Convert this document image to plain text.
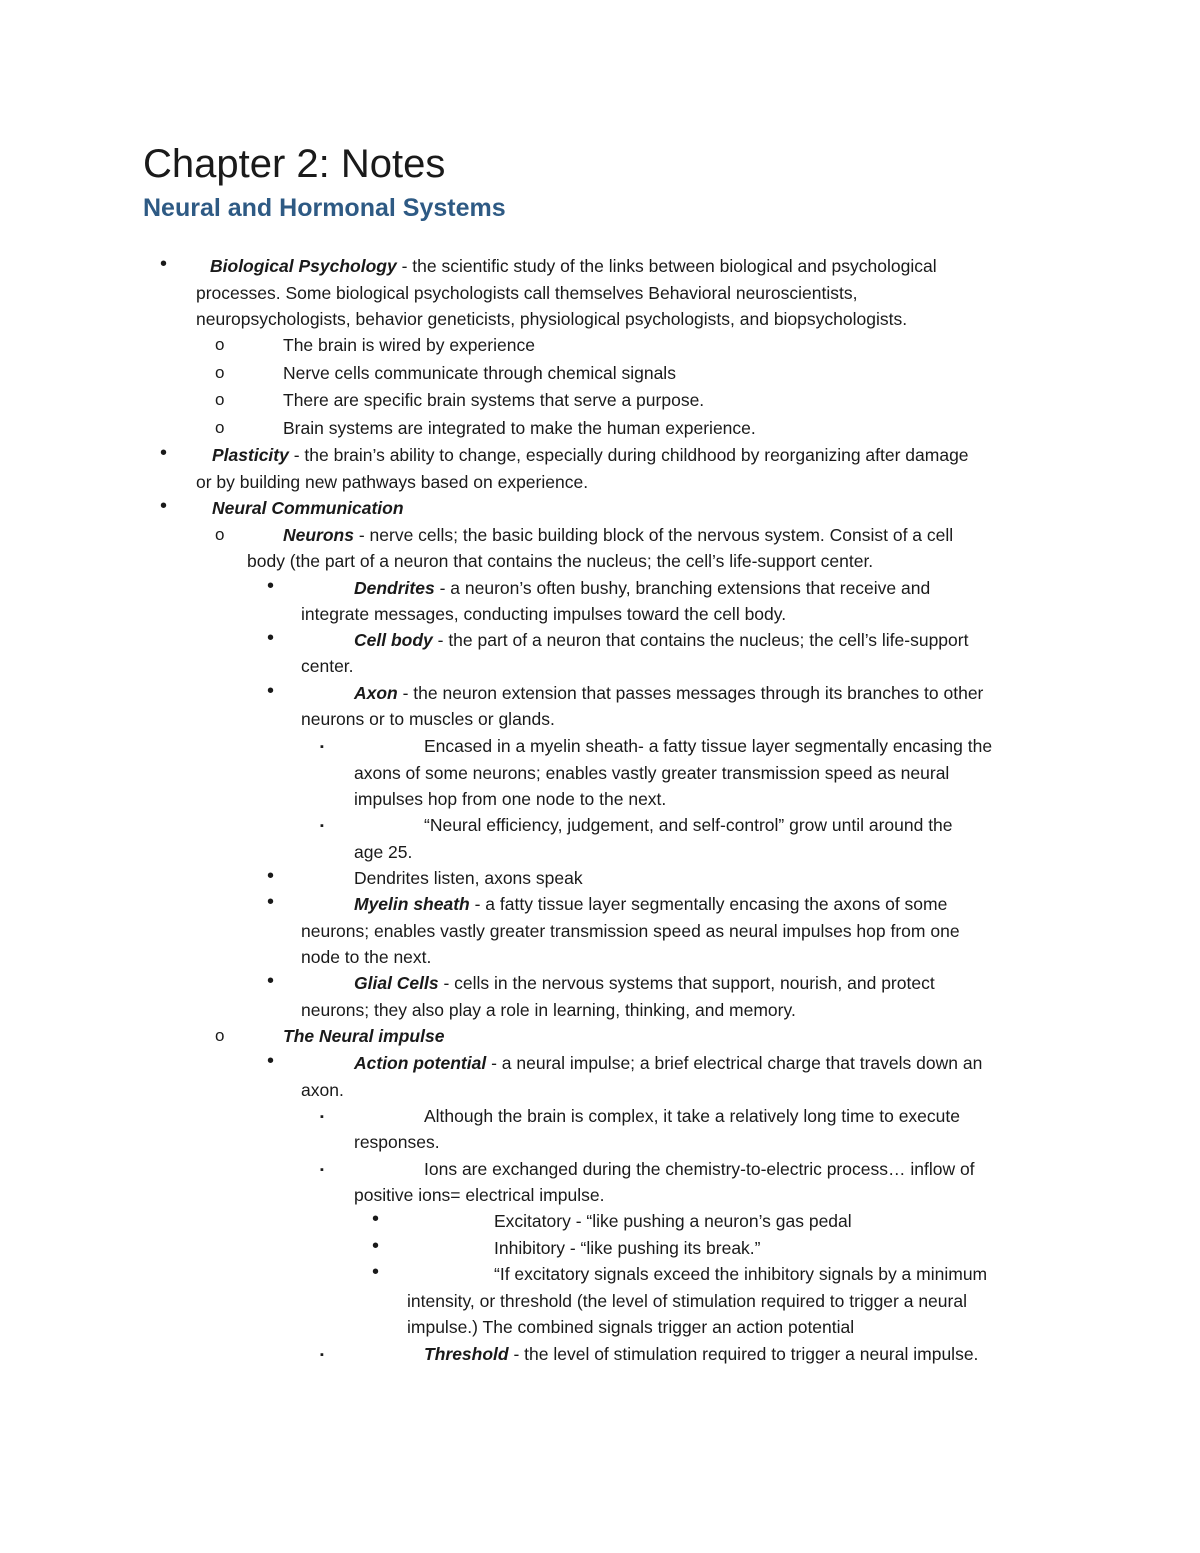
Chapter 2: Notes
Neural and Hormonal Systems
• Biological Psychology - the scientific study of the links between biological and psychological
processes. Some biological psychologists call themselves Behavioral neuroscientists,
neuropsychologists, behavior geneticists, physiological psychologists, and biopsychologists.
o	The brain is wired by experience
o	Nerve cells communicate through chemical signals
o	There are specific brain systems that serve a purpose.
o	Brain systems are integrated to make the human experience.
•	Plasticity - the brain’s ability to change, especially during childhood by reorganizing after damage
or by building new pathways based on experience.
•	Neural Communication
o	Neurons - nerve cells; the basic building block of the nervous system. Consist of a cell
body (the part of a neuron that contains the nucleus; the cell’s life-support center.
•	Dendrites - a neuron’s often bushy, branching extensions that receive and
integrate messages, conducting impulses toward the cell body.
•	Cell body - the part of a neuron that contains the nucleus; the cell’s life-support
center.
•	Axon - the neuron extension that passes messages through its branches to other
neurons or to muscles or glands.
▪	Encased in a myelin sheath- a fatty tissue layer segmentally encasing the
axons of some neurons; enables vastly greater transmission speed as neural
impulses hop from one node to the next.
▪	“Neural efficiency, judgement, and self-control” grow until around the
age 25.
•	Dendrites listen, axons speak
•	Myelin sheath - a fatty tissue layer segmentally encasing the axons of some
neurons; enables vastly greater transmission speed as neural impulses hop from one
node to the next.
•	Glial Cells - cells in the nervous systems that support, nourish, and protect
neurons; they also play a role in learning, thinking, and memory.
o	The Neural impulse
•	Action potential - a neural impulse; a brief electrical charge that travels down an
axon.
▪	Although the brain is complex, it take a relatively long time to execute
responses.
▪	Ions are exchanged during the chemistry-to-electric process… inflow of
positive ions= electrical impulse.
•	Excitatory - “like pushing a neuron’s gas pedal
•	Inhibitory - “like pushing its break.”
•	“If excitatory signals exceed the inhibitory signals by a minimum
intensity, or threshold (the level of stimulation required to trigger a neural
impulse.) The combined signals trigger an action potential
▪	Threshold - the level of stimulation required to trigger a neural impulse.
